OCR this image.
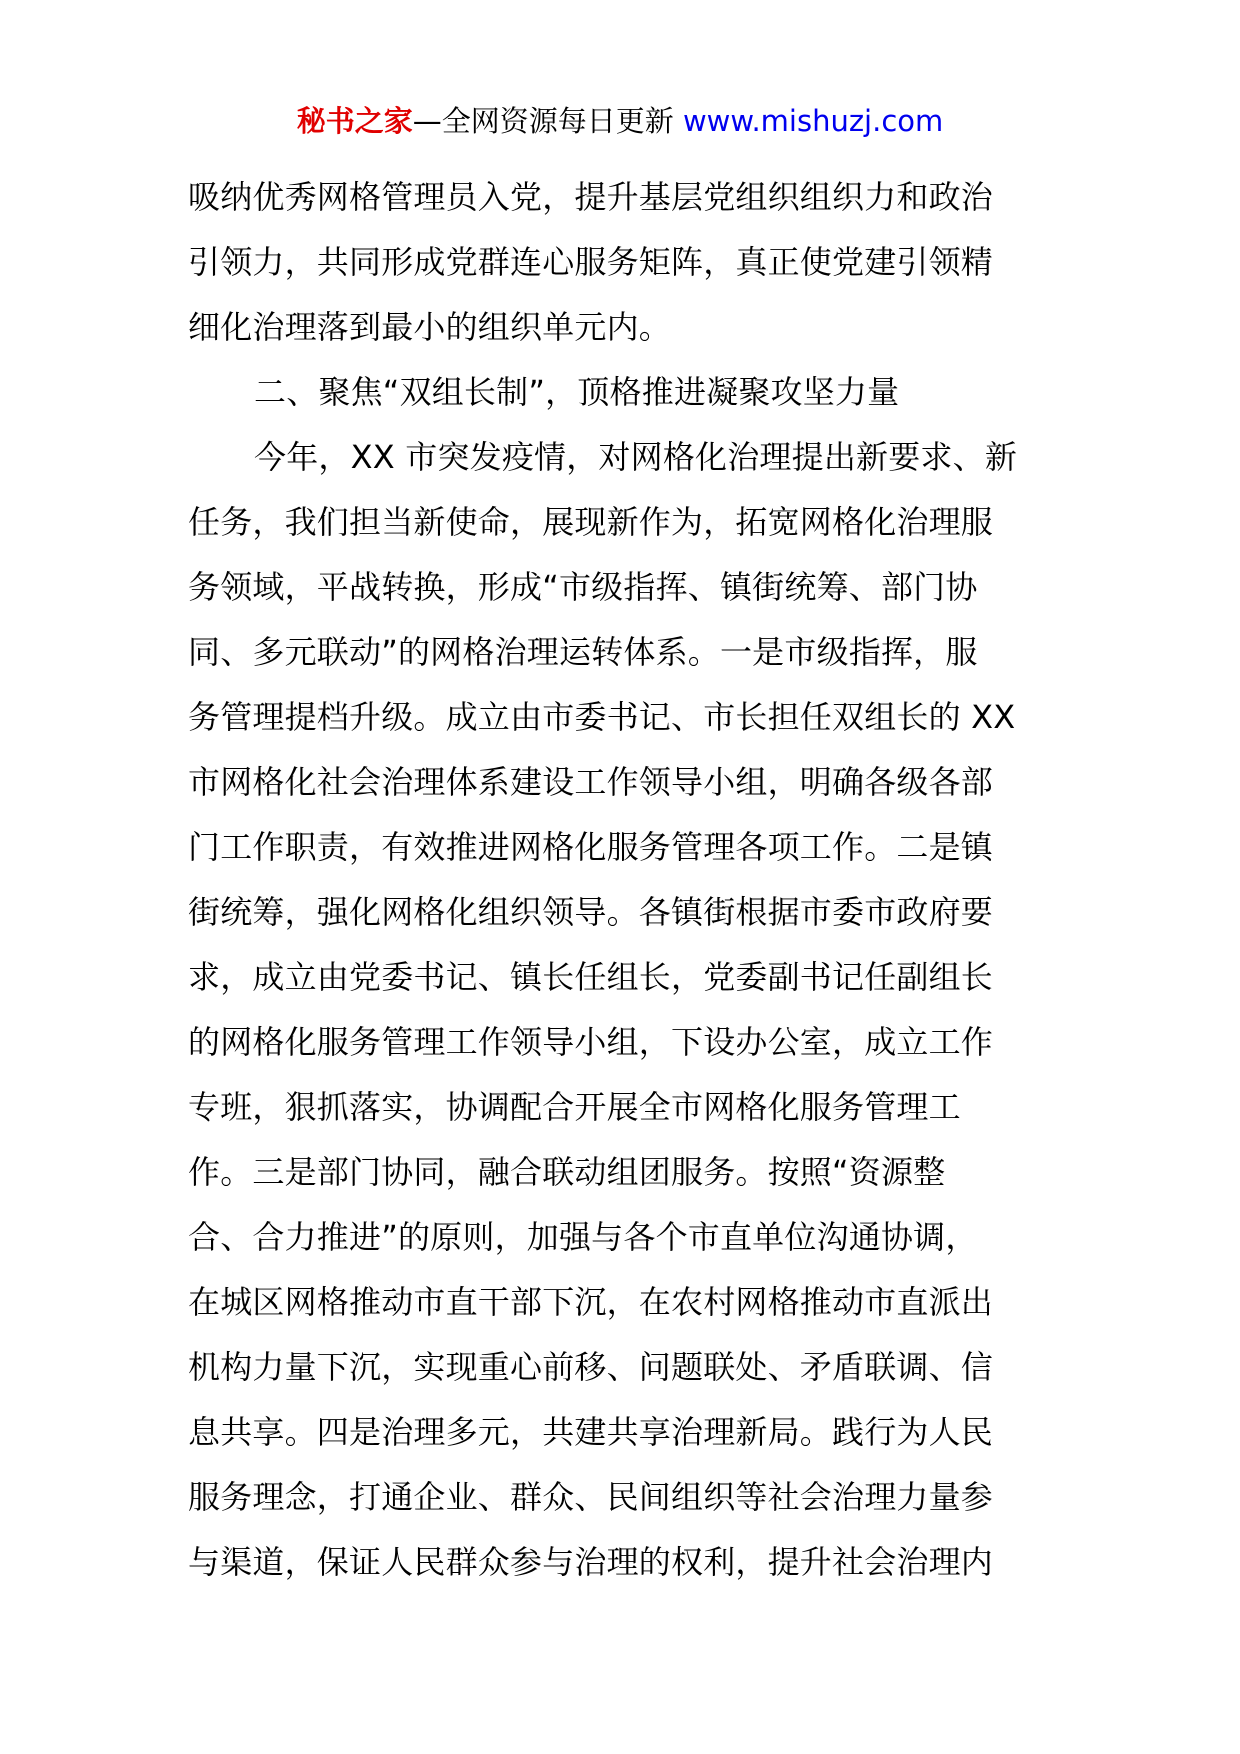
秘书之家—全网资源每日更新 www.mishuzj.com
吸纳优秀网格管理员入党，提升基层党组织组织力和政治
引领力，共同形成党群连心服务矩阵，真正使党建引领精
细化治理落到最小的组织单元内。
二、聚焦“双组长制”，顶格推进凝聚攻坚力量
今年，XX 市突发疫情，对网格化治理提出新要求、新
任务，我们担当新使命，展现新作为，拓宽网格化治理服
务领域，平战转换，形成“市级指挥、镇街统筹、部门协
同、多元联动”的网格治理运转体系。一是市级指挥，服
务管理提档升级。成立由市委书记、市长担任双组长的 XX
市网格化社会治理体系建设工作领导小组，明确各级各部
门工作职责，有效推进网格化服务管理各项工作。二是镇
街统筹，强化网格化组织领导。各镇街根据市委市政府要
求，成立由党委书记、镇长任组长，党委副书记任副组长
的网格化服务管理工作领导小组，下设办公室，成立工作
专班，狠抓落实，协调配合开展全市网格化服务管理工
作。三是部门协同，融合联动组团服务。按照“资源整
合、合力推进”的原则，加强与各个市直单位沟通协调，
在城区网格推动市直干部下沉，在农村网格推动市直派出
机构力量下沉，实现重心前移、问题联处、矛盾联调、信
息共享。四是治理多元，共建共享治理新局。践行为人民
服务理念，打通企业、群众、民间组织等社会治理力量参
与渠道，保证人民群众参与治理的权利，提升社会治理内
